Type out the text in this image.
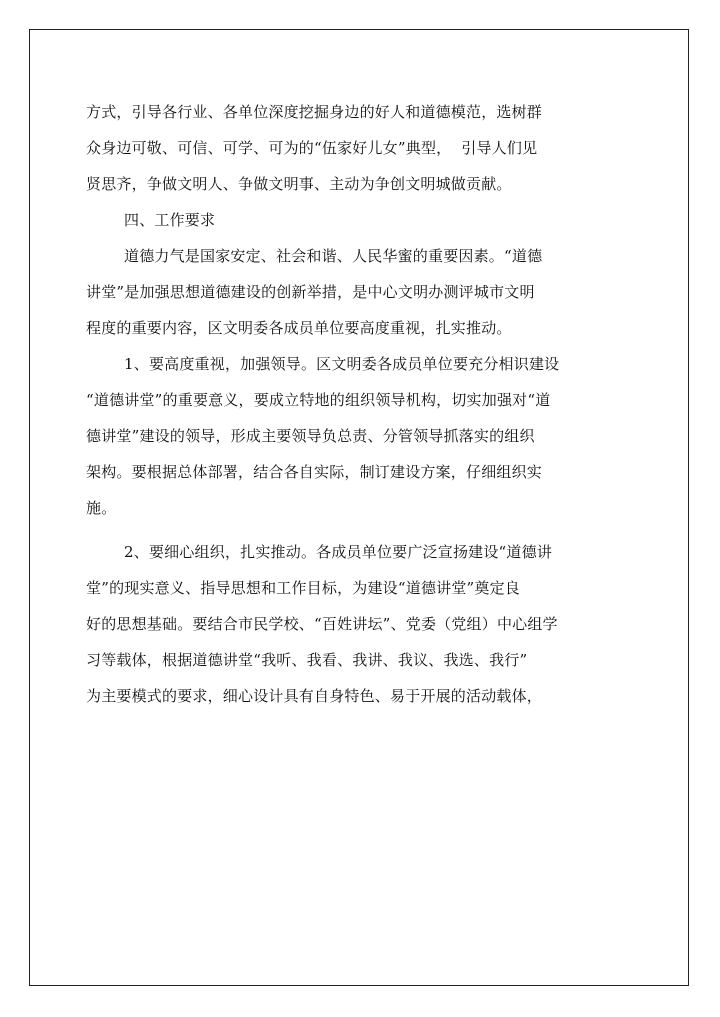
方式，引导各行业、各单位深度挖掘身边的好人和道德模范，选树群
众身边可敬、可信、可学、可为的“伍家好儿女”典型，  引导人们见
贤思齐，争做文明人、争做文明事、主动为争创文明城做贡献。
四、工作要求
道德力气是国家安定、社会和谐、人民华蜜的重要因素。“道德
讲堂”是加强思想道德建设的创新举措，是中心文明办测评城市文明
程度的重要内容，区文明委各成员单位要高度重视，扎实推动。
1、要高度重视，加强领导。区文明委各成员单位要充分相识建设
“道德讲堂”的重要意义，要成立特地的组织领导机构，切实加强对“道
德讲堂”建设的领导，形成主要领导负总责、分管领导抓落实的组织
架构。要根据总体部署，结合各自实际，制订建设方案，仔细组织实
施。
2、要细心组织，扎实推动。各成员单位要广泛宣扬建设“道德讲
堂”的现实意义、指导思想和工作目标，为建设“道德讲堂”奠定良
好的思想基础。要结合市民学校、“百姓讲坛”、党委（党组）中心组学
习等载体，根据道德讲堂“我听、我看、我讲、我议、我选、我行”
为主要模式的要求，细心设计具有自身特色、易于开展的活动载体，
